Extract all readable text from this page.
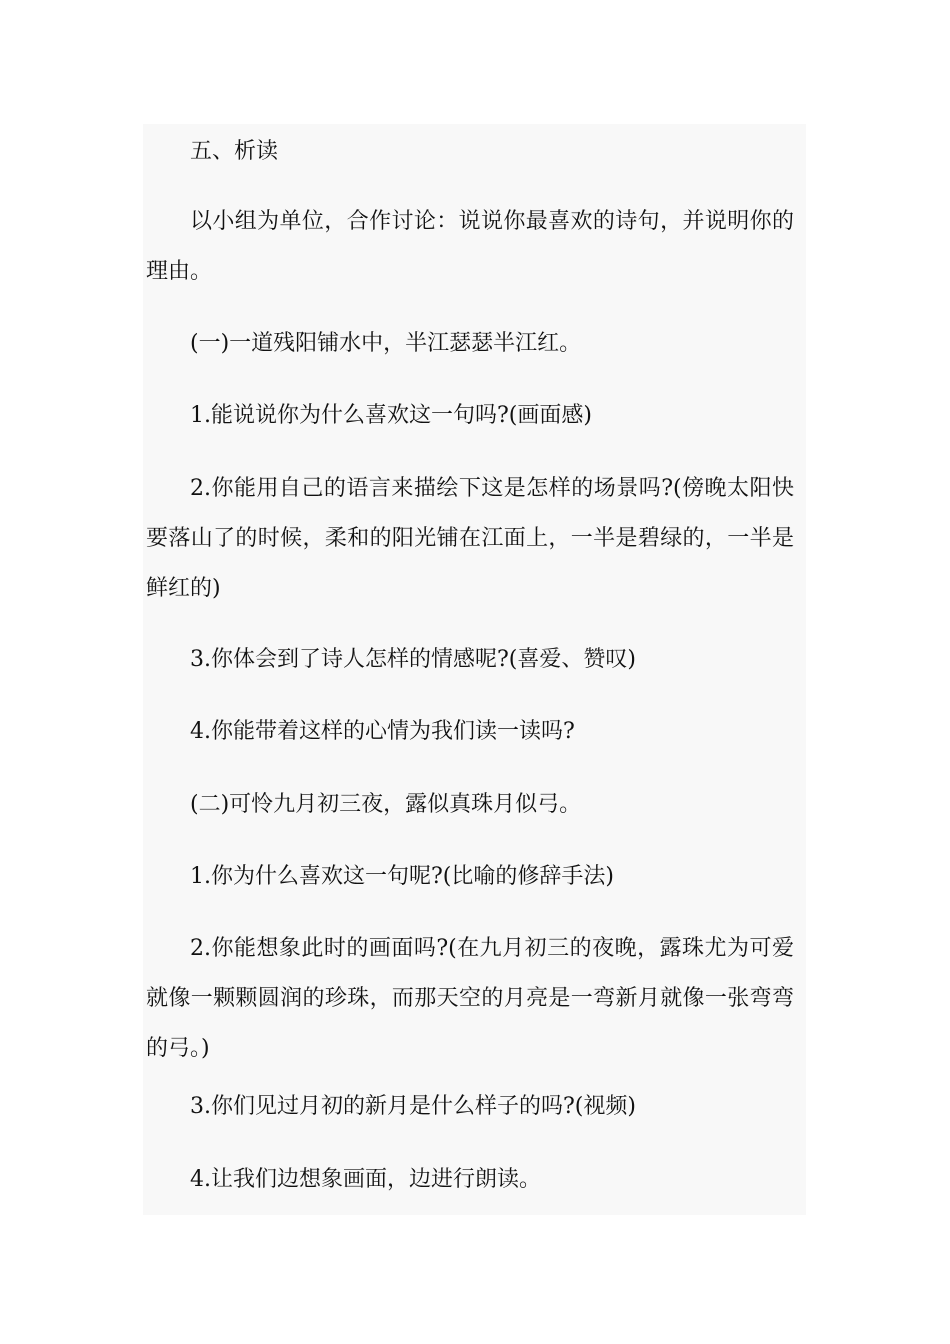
五、析读

以小组为单位，合作讨论：说说你最喜欢的诗句，并说明你的理由。

(一)一道残阳铺水中，半江瑟瑟半江红。

1.能说说你为什么喜欢这一句吗?(画面感)

2.你能用自己的语言来描绘下这是怎样的场景吗?(傍晚太阳快要落山了的时候，柔和的阳光铺在江面上，一半是碧绿的，一半是鲜红的)

3.你体会到了诗人怎样的情感呢?(喜爱、赞叹)

4.你能带着这样的心情为我们读一读吗?

(二)可怜九月初三夜，露似真珠月似弓。

1.你为什么喜欢这一句呢?(比喻的修辞手法)

2.你能想象此时的画面吗?(在九月初三的夜晚，露珠尤为可爱就像一颗颗圆润的珍珠，而那天空的月亮是一弯新月就像一张弯弯的弓。)

3.你们见过月初的新月是什么样子的吗?(视频)

4.让我们边想象画面，边进行朗读。
